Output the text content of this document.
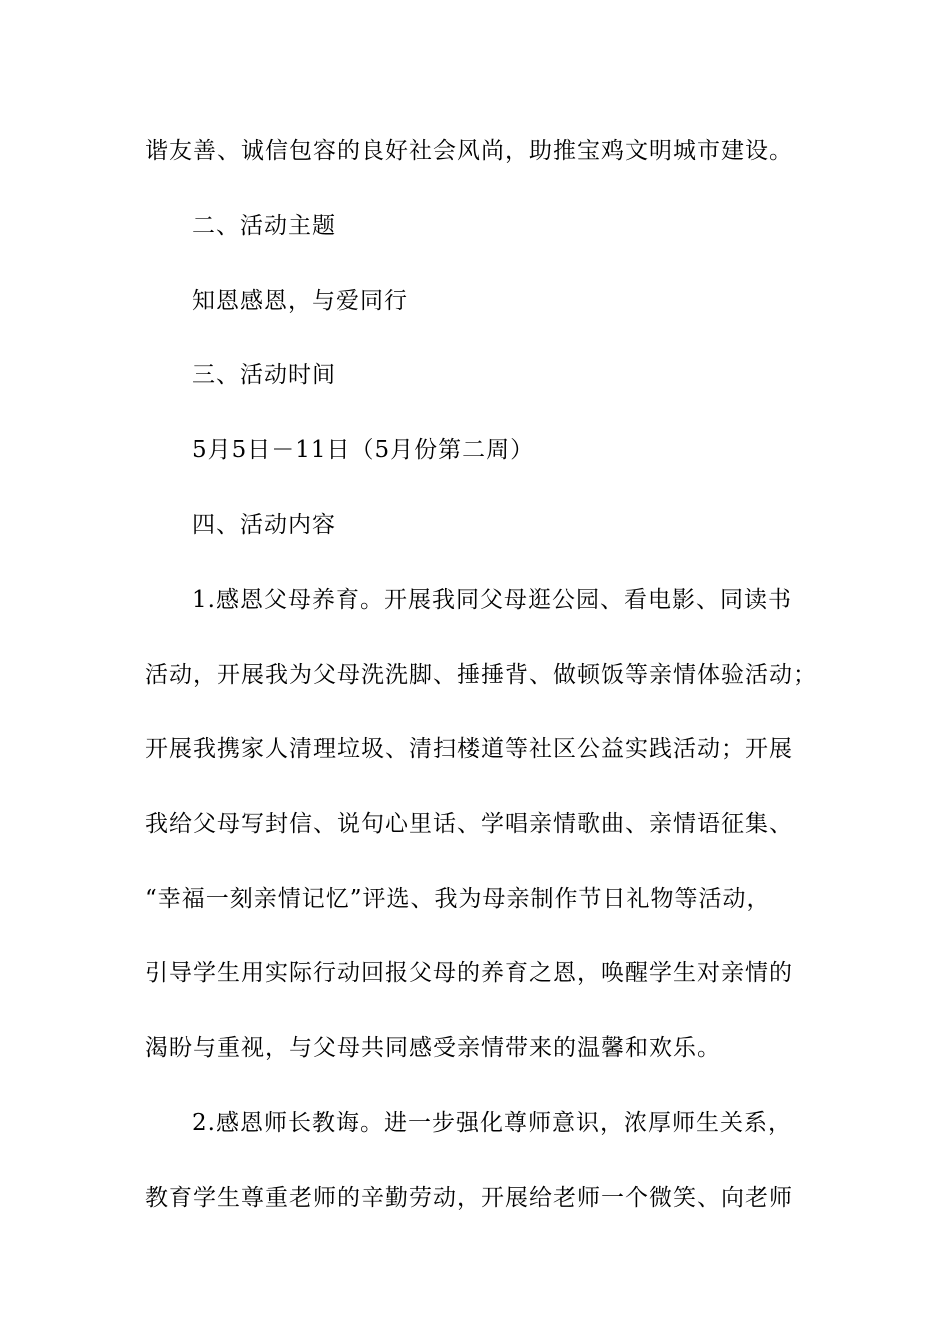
谐友善、诚信包容的良好社会风尚，助推宝鸡文明城市建设。
二、活动主题
知恩感恩，与爱同行
三、活动时间
5月5日－11日（5月份第二周）
四、活动内容
1.感恩父母养育。开展我同父母逛公园、看电影、同读书
活动，开展我为父母洗洗脚、捶捶背、做顿饭等亲情体验活动；
开展我携家人清理垃圾、清扫楼道等社区公益实践活动；开展
我给父母写封信、说句心里话、学唱亲情歌曲、亲情语征集、
“幸福一刻亲情记忆”评选、我为母亲制作节日礼物等活动，
引导学生用实际行动回报父母的养育之恩，唤醒学生对亲情的
渴盼与重视，与父母共同感受亲情带来的温馨和欢乐。
2.感恩师长教诲。进一步强化尊师意识，浓厚师生关系，
教育学生尊重老师的辛勤劳动，开展给老师一个微笑、向老师
